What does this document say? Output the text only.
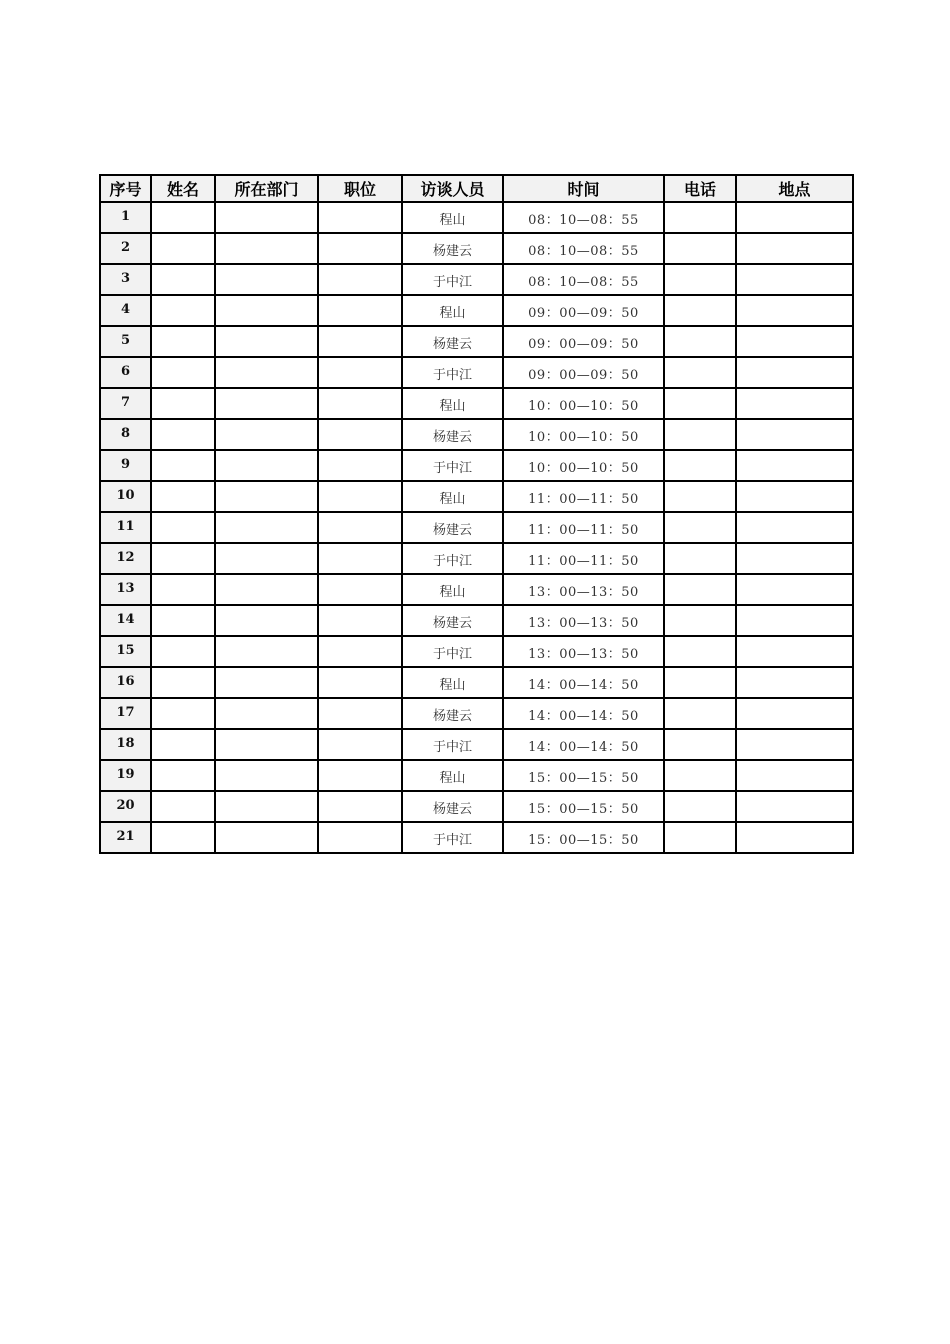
序号	姓名	所在部门	职位	访谈人员	时间	电话	地点
1				程山	08：10—08：55		
2				杨建云	08：10—08：55		
3				于中江	08：10—08：55		
4				程山	09：00—09：50		
5				杨建云	09：00—09：50		
6				于中江	09：00—09：50		
7				程山	10：00—10：50		
8				杨建云	10：00—10：50		
9				于中江	10：00—10：50		
10				程山	11：00—11：50		
11				杨建云	11：00—11：50		
12				于中江	11：00—11：50		
13				程山	13：00—13：50		
14				杨建云	13：00—13：50		
15				于中江	13：00—13：50		
16				程山	14：00—14：50		
17				杨建云	14：00—14：50		
18				于中江	14：00—14：50		
19				程山	15：00—15：50		
20				杨建云	15：00—15：50		
21				于中江	15：00—15：50		
